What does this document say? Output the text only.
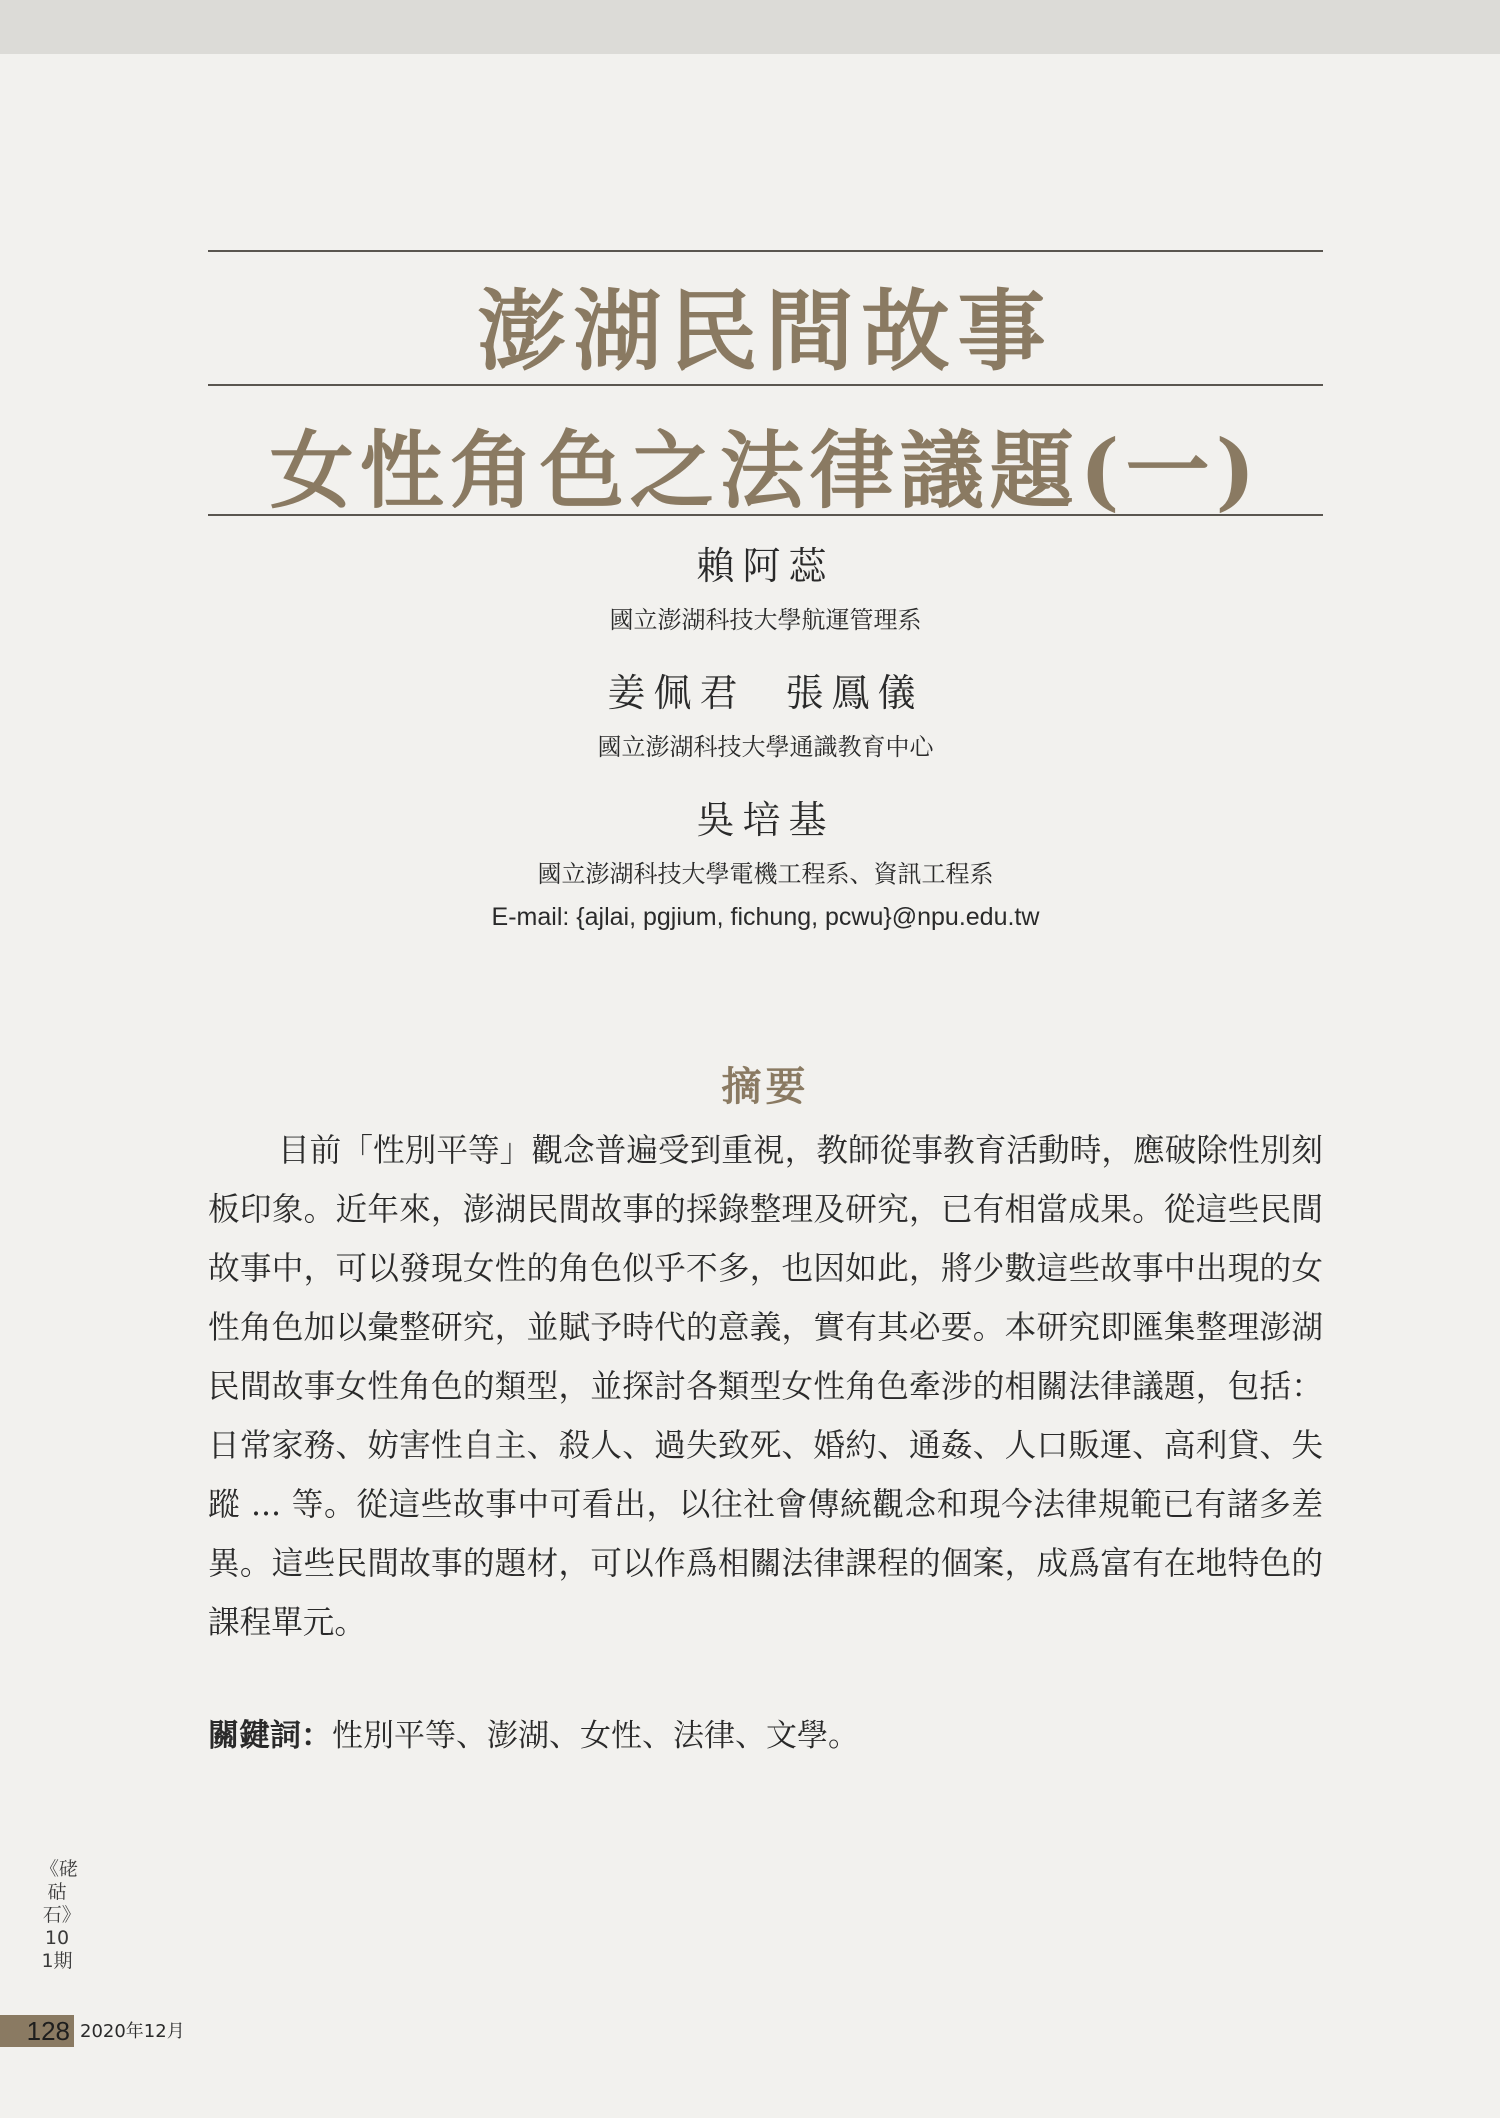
澎湖民間故事
女性角色之法律議題(一)
賴阿蕊
國立澎湖科技大學航運管理系
姜佩君 張鳳儀
國立澎湖科技大學通識教育中心
吳培基
國立澎湖科技大學電機工程系、資訊工程系
E-mail: {ajlai, pgjium, fichung, pcwu}@npu.edu.tw
摘要

目前「性別平等」觀念普遍受到重視，教師從事教育活動時，應破除性別刻板印象。近年來，澎湖民間故事的採錄整理及研究，已有相當成果。從這些民間故事中，可以發現女性的角色似乎不多，也因如此，將少數這些故事中出現的女性角色加以彙整研究，並賦予時代的意義，實有其必要。本研究即匯集整理澎湖民間故事女性角色的類型，並探討各類型女性角色牽涉的相關法律議題，包括：日常家務、妨害性自主、殺人、過失致死、婚約、通姦、人口販運、高利貸、失蹤 ... 等。從這些故事中可看出，以往社會傳統觀念和現今法律規範已有諸多差異。這些民間故事的題材，可以作爲相關法律課程的個案，成爲富有在地特色的課程單元。

關鍵詞：性別平等、澎湖、女性、法律、文學。
《硓𥑮石》101期
128 2020年12月
